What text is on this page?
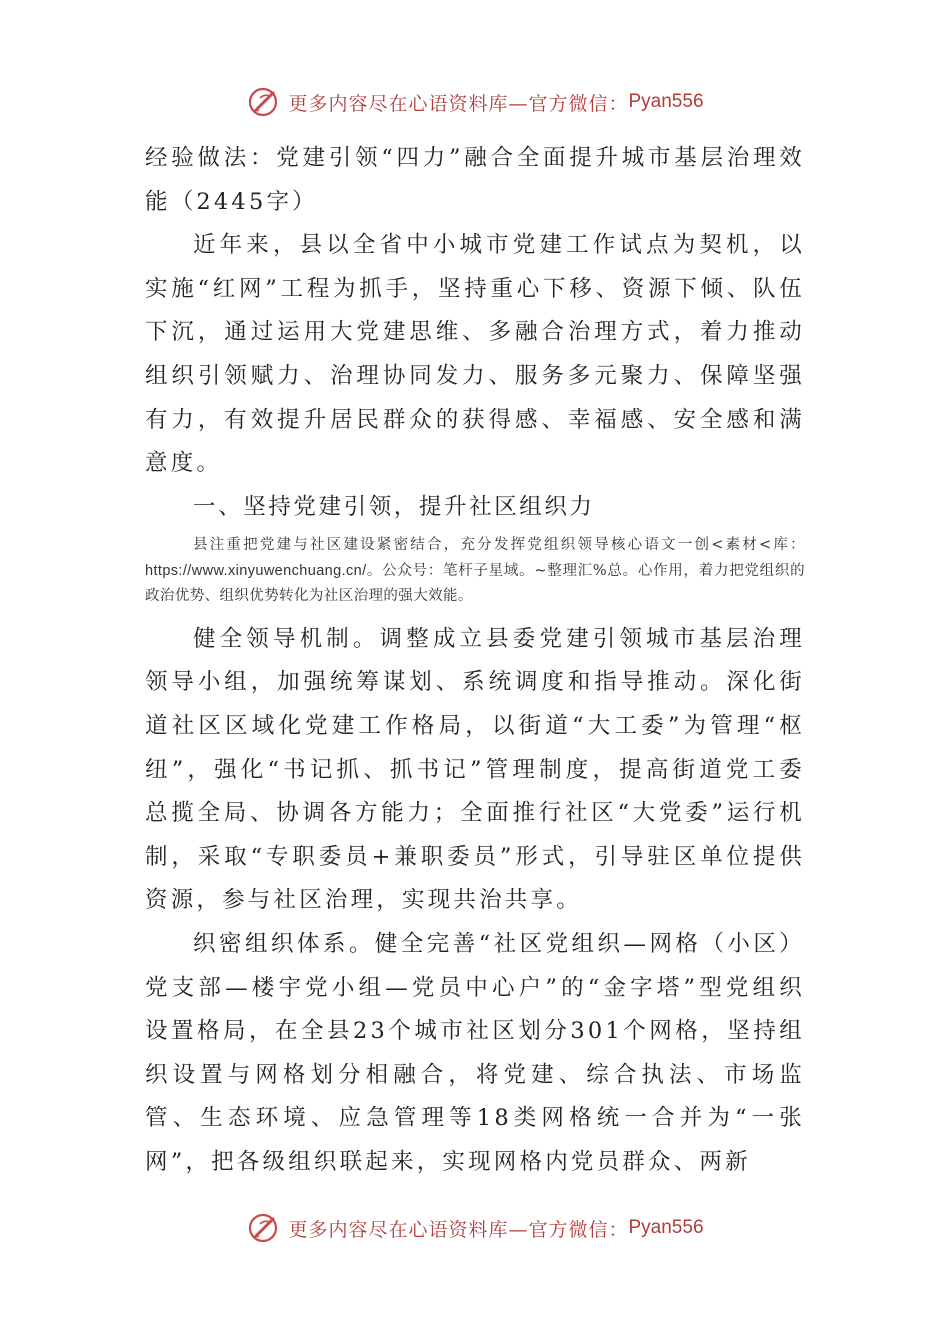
更多内容尽在心语资料库—官方微信： Pyan556

经验做法：党建引领“四力”融合全面提升城市基层治理效能（2445字）

近年来，县以全省中小城市党建工作试点为契机，以实施“红网”工程为抓手，坚持重心下移、资源下倾、队伍下沉，通过运用大党建思维、多融合治理方式，着力推动组织引领赋力、治理协同发力、服务多元聚力、保障坚强有力，有效提升居民群众的获得感、幸福感、安全感和满意度。

一、坚持党建引领，提升社区组织力

县注重把党建与社区建设紧密结合，充分发挥党组织领导核心语文一创<素材<库：https://www.xinyuwenchuang.cn/。公众号：笔杆子星域。~整理汇%总。心作用，着力把党组织的政治优势、组织优势转化为社区治理的强大效能。

健全领导机制。调整成立县委党建引领城市基层治理领导小组，加强统筹谋划、系统调度和指导推动。深化街道社区区域化党建工作格局，以街道“大工委”为管理“枢纽”，强化“书记抓、抓书记”管理制度，提高街道党工委总揽全局、协调各方能力；全面推行社区“大党委”运行机制，采取“专职委员+兼职委员”形式，引导驻区单位提供资源，参与社区治理，实现共治共享。

织密组织体系。健全完善“社区党组织—网格（小区）党支部—楼宇党小组—党员中心户”的“金字塔”型党组织设置格局，在全县23个城市社区划分301个网格，坚持组织设置与网格划分相融合，将党建、综合执法、市场监管、生态环境、应急管理等18类网格统一合并为“一张网”，把各级组织联起来，实现网格内党员群众、两新

更多内容尽在心语资料库—官方微信： Pyan556
